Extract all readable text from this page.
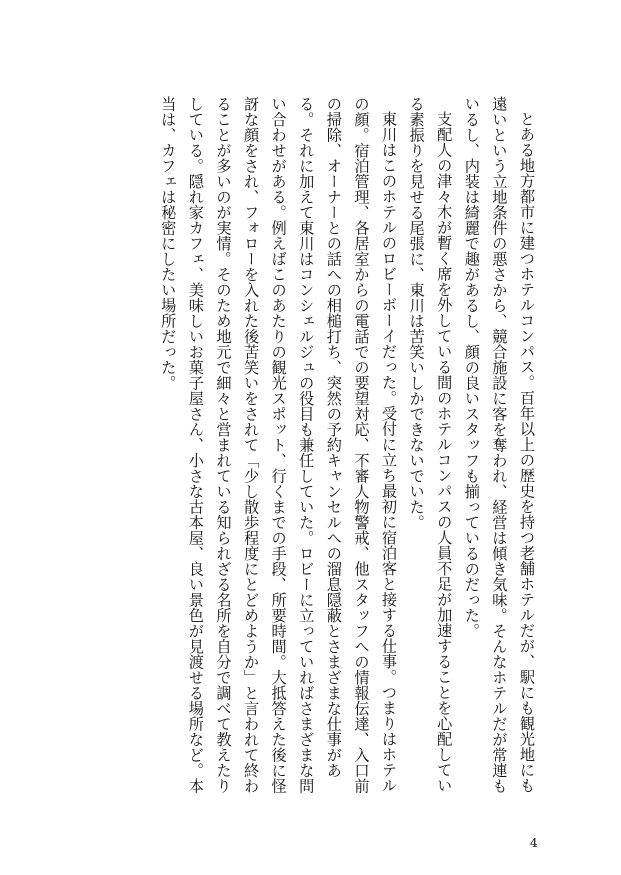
とある地方都市に建つホテルコンパス。百年以上の歴史を持つ老舗ホテルだが、駅にも観光地にも遠いという立地条件の悪さから、競合施設に客を奪われ、経営は傾き気味。そんなホテルだが常連もいるし、内装は綺麗で趣があるし、顔の良いスタッフも揃っているのだった。

支配人の津々木が暫く席を外している間のホテルコンパスの人員不足が加速することを心配している素振りを見せる尾張に、東川は苦笑いしかできないでいた。

東川はこのホテルのロビーボーイだった。受付に立ち最初に宿泊客と接する仕事。つまりはホテルの顔。宿泊管理、各居室からの電話での要望対応、不審人物警戒、他スタッフへの情報伝達、入口前の掃除、オーナーとの話への相槌打ち、突然の予約キャンセルへの溜息隠蔽とさまざまな仕事がある。それに加えて東川はコンシェルジュの役目も兼任していた。ロビーに立っていればさまざまな問い合わせがある。例えばこのあたりの観光スポット、行くまでの手段、所要時間。大抵答えた後に怪訝な顔をされ、フォローを入れた後苦笑いをされて「少し散歩程度にとどめようか」と言われて終わることが多いのが実情。そのため地元で細々と営まれている知られざる名所を自分で調べて教えたりしている。隠れ家カフェ、美味しいお菓子屋さん、小さな古本屋、良い景色が見渡せる場所など。本当は、カフェは秘密にしたい場所だった。

4
